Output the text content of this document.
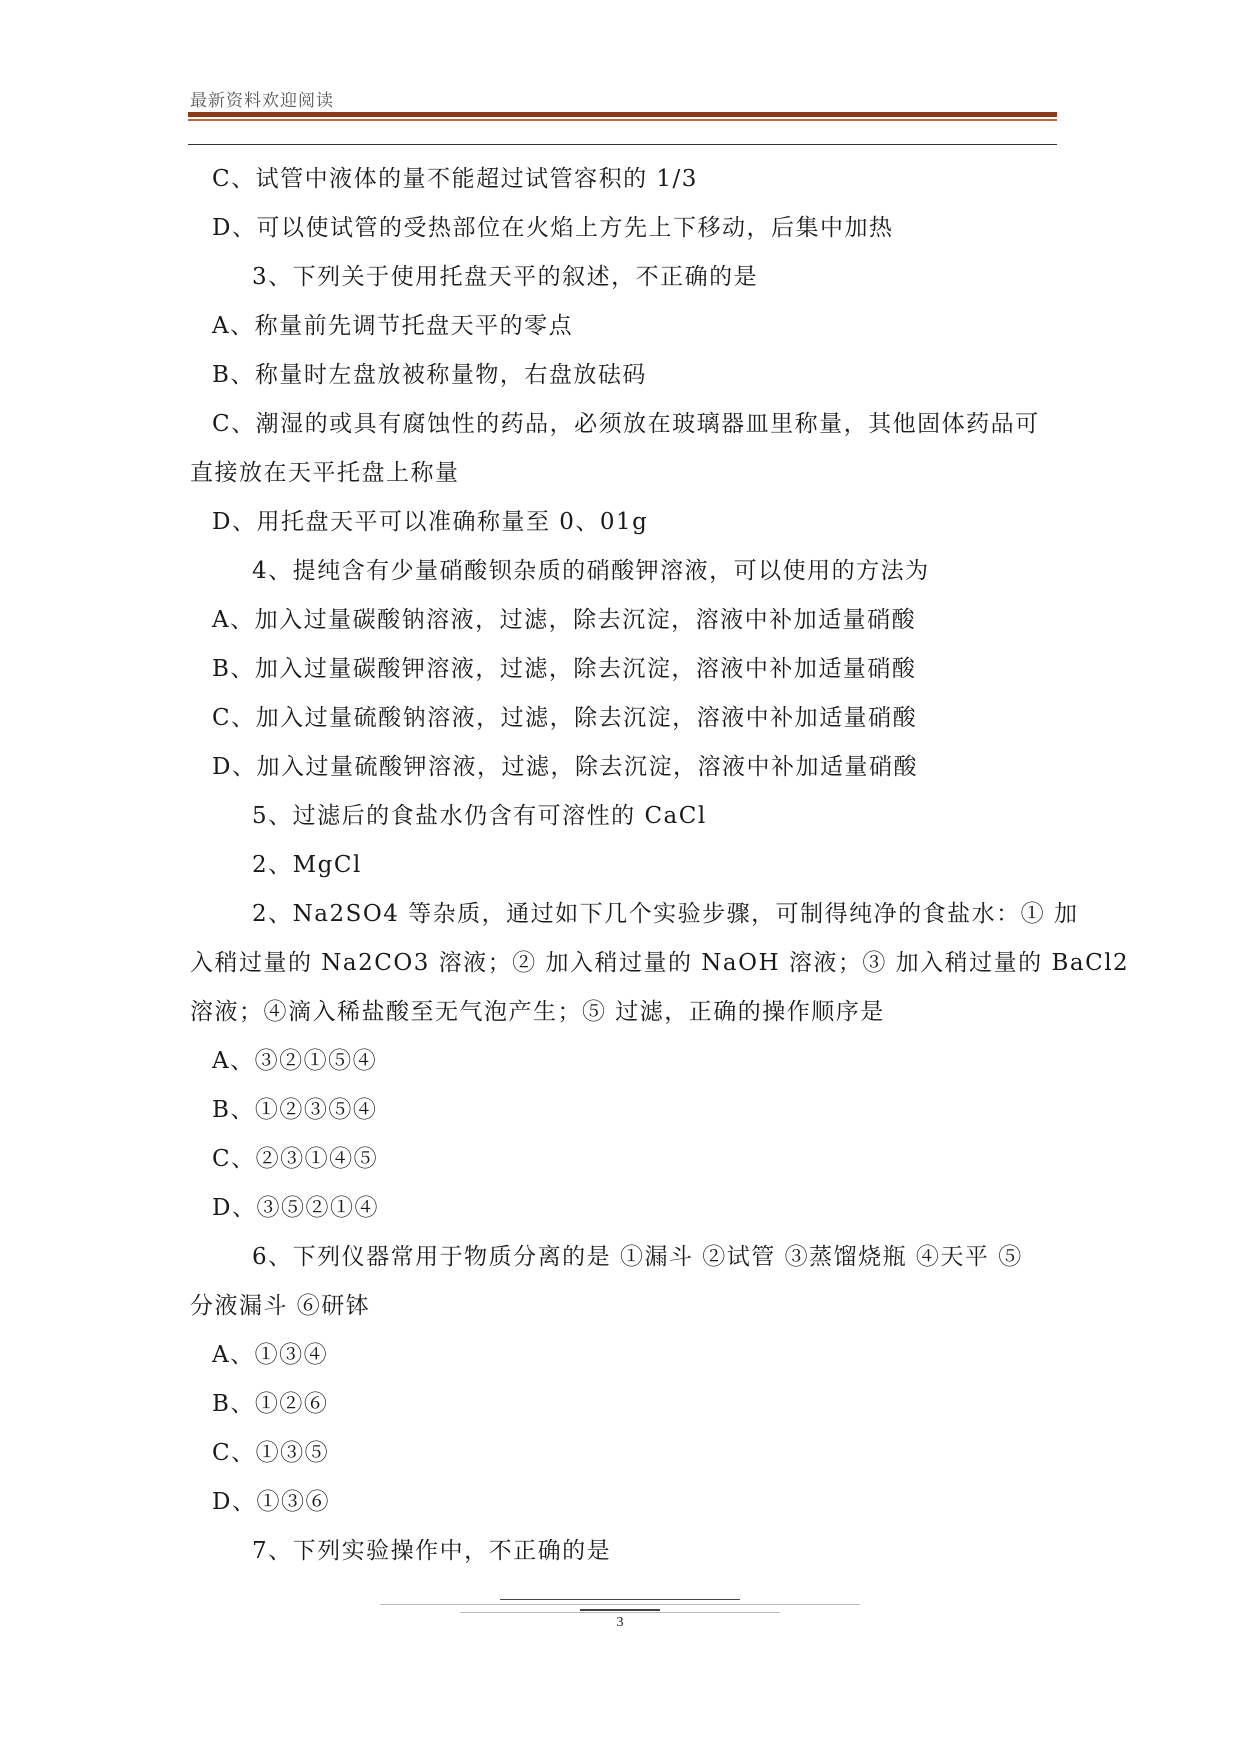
最新资料欢迎阅读
C、试管中液体的量不能超过试管容积的 1/3
D、可以使试管的受热部位在火焰上方先上下移动，后集中加热
3、下列关于使用托盘天平的叙述，不正确的是
A、称量前先调节托盘天平的零点
B、称量时左盘放被称量物，右盘放砝码
C、潮湿的或具有腐蚀性的药品，必须放在玻璃器皿里称量，其他固体药品可
直接放在天平托盘上称量
D、用托盘天平可以准确称量至 0、01g
4、提纯含有少量硝酸钡杂质的硝酸钾溶液，可以使用的方法为
A、加入过量碳酸钠溶液，过滤，除去沉淀，溶液中补加适量硝酸
B、加入过量碳酸钾溶液，过滤，除去沉淀，溶液中补加适量硝酸
C、加入过量硫酸钠溶液，过滤，除去沉淀，溶液中补加适量硝酸
D、加入过量硫酸钾溶液，过滤，除去沉淀，溶液中补加适量硝酸
5、过滤后的食盐水仍含有可溶性的 CaCl
2、MgCl
2、Na2SO4 等杂质，通过如下几个实验步骤，可制得纯净的食盐水：① 加
入稍过量的 Na2CO3 溶液；② 加入稍过量的 NaOH 溶液；③ 加入稍过量的 BaCl2
溶液；④滴入稀盐酸至无气泡产生；⑤ 过滤，正确的操作顺序是
A、③②①⑤④
B、①②③⑤④
C、②③①④⑤
D、③⑤②①④
6、下列仪器常用于物质分离的是 ①漏斗 ②试管 ③蒸馏烧瓶 ④天平 ⑤
分液漏斗 ⑥研钵
A、①③④
B、①②⑥
C、①③⑤
D、①③⑥
7、下列实验操作中，不正确的是
3
